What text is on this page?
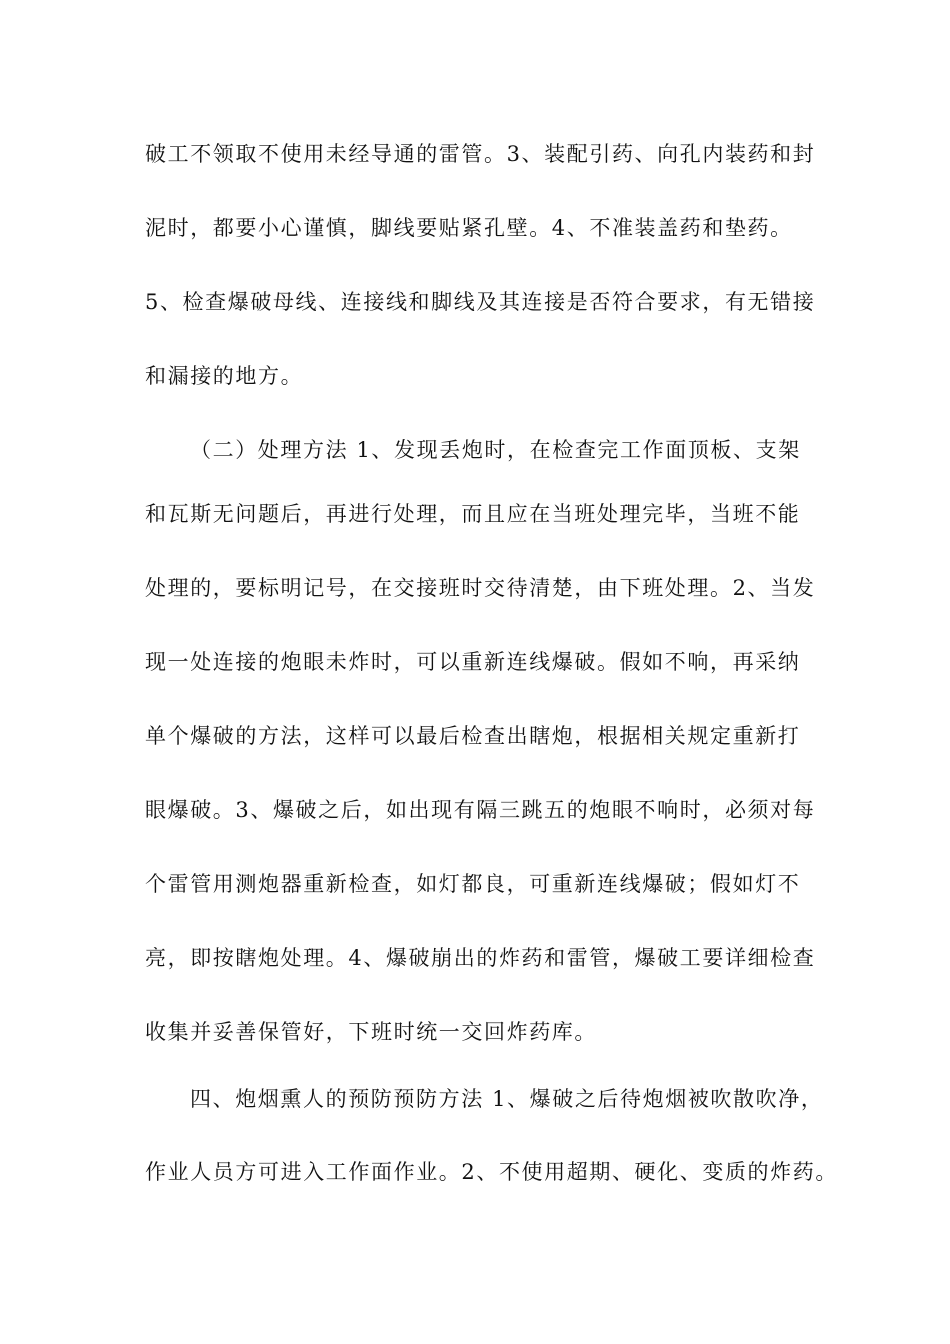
破工不领取不使用未经导通的雷管。3、装配引药、向孔内装药和封
泥时，都要小心谨慎，脚线要贴紧孔壁。4、不准装盖药和垫药。
5、检查爆破母线、连接线和脚线及其连接是否符合要求，有无错接
和漏接的地方。
（二）处理方法 1、发现丢炮时，在检查完工作面顶板、支架
和瓦斯无问题后，再进行处理，而且应在当班处理完毕，当班不能
处理的，要标明记号，在交接班时交待清楚，由下班处理。2、当发
现一处连接的炮眼未炸时，可以重新连线爆破。假如不响，再采纳
单个爆破的方法，这样可以最后检查出瞎炮，根据相关规定重新打
眼爆破。3、爆破之后，如出现有隔三跳五的炮眼不响时，必须对每
个雷管用测炮器重新检查，如灯都良，可重新连线爆破；假如灯不
亮，即按瞎炮处理。4、爆破崩出的炸药和雷管，爆破工要详细检查
收集并妥善保管好，下班时统一交回炸药库。
四、炮烟熏人的预防预防方法 1、爆破之后待炮烟被吹散吹净，
作业人员方可进入工作面作业。2、不使用超期、硬化、变质的炸药。
